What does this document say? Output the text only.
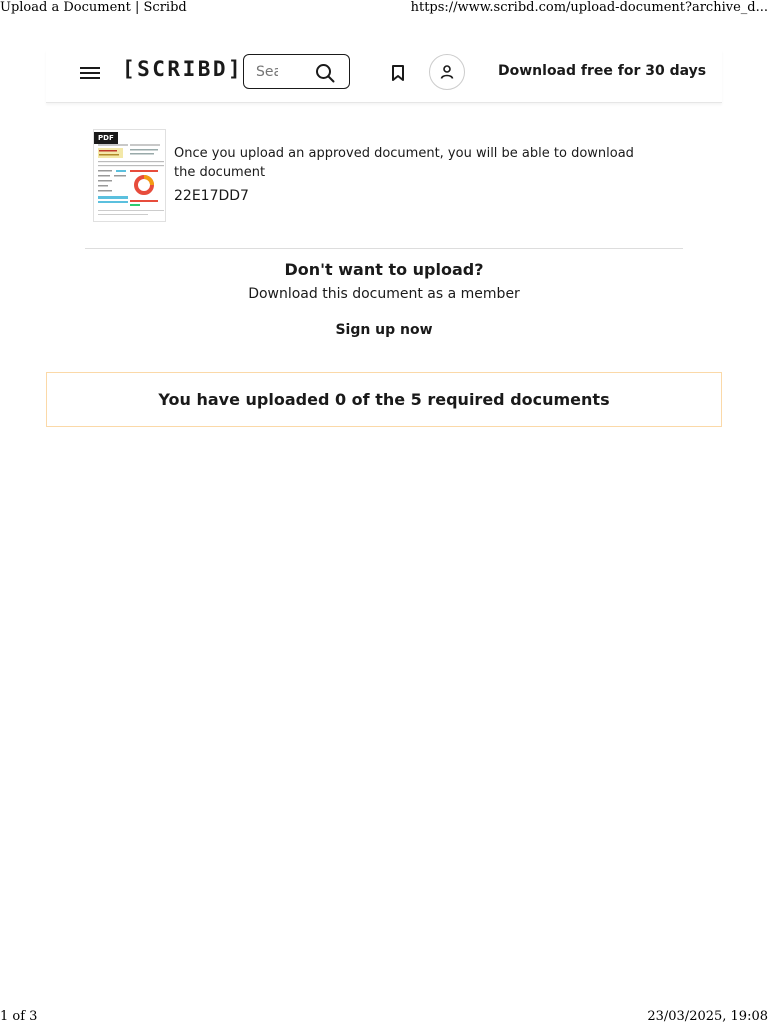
Upload a Document | Scribd	https://www.scribd.com/upload-document?archive_d...
[SCRIBD]
Search	Download free for 30 days
PDF
Once you upload an approved document, you will be able to download the document
22E17DD7
Don't want to upload?
Download this document as a member
Sign up now
You have uploaded 0 of the 5 required documents
1 of 3	23/03/2025, 19:08
